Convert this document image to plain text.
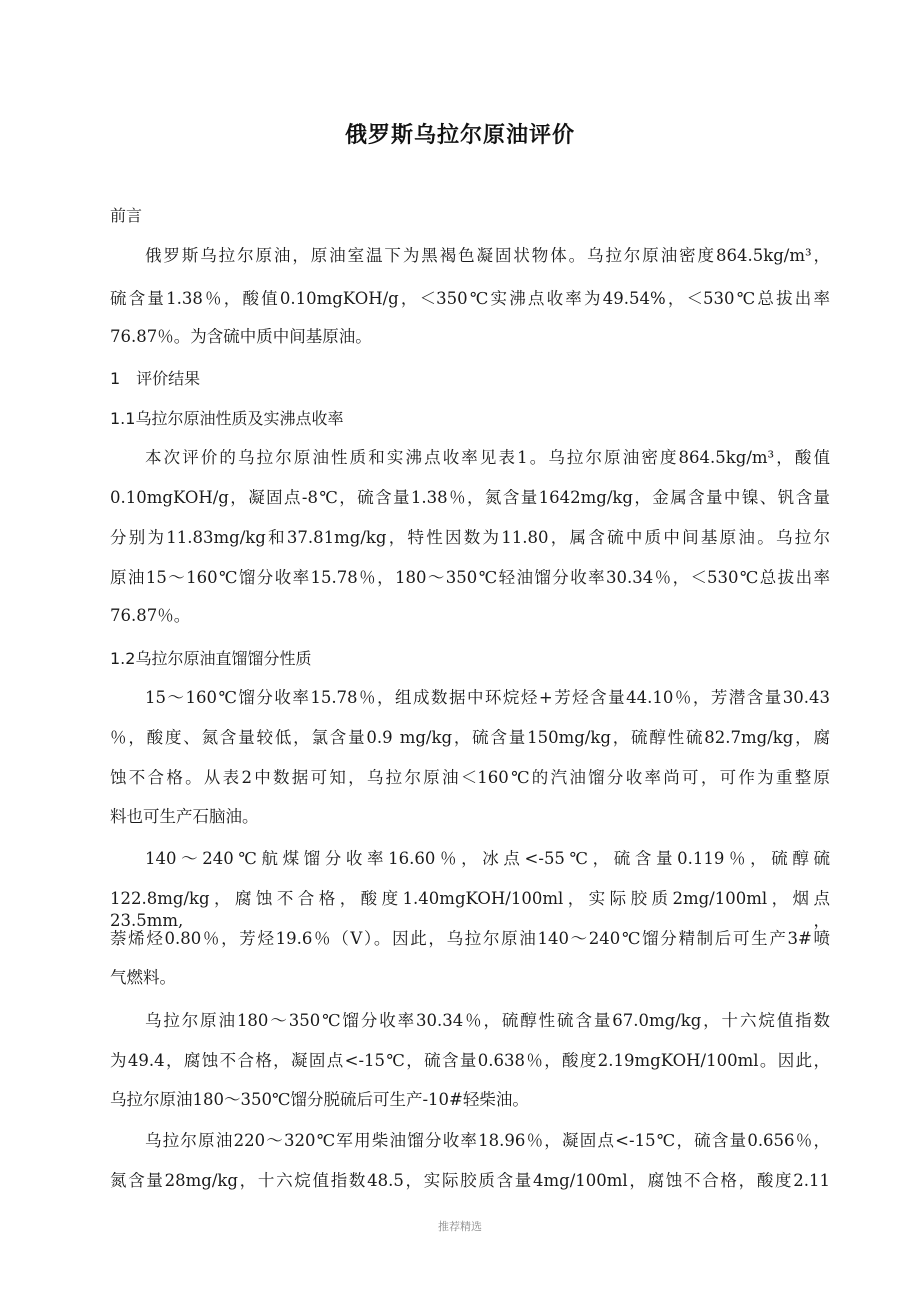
俄罗斯乌拉尔原油评价
前言
俄罗斯乌拉尔原油，原油室温下为黑褐色凝固状物体。乌拉尔原油密度864.5kg/m³，
硫含量1.38％，酸值0.10mgKOH/g，＜350℃实沸点收率为49.54%，＜530℃总拔出率
76.87％。为含硫中质中间基原油。
1　评价结果
1.1乌拉尔原油性质及实沸点收率
本次评价的乌拉尔原油性质和实沸点收率见表1。乌拉尔原油密度864.5kg/m³，酸值
0.10mgKOH/g，凝固点-8℃，硫含量1.38％，氮含量1642mg/kg，金属含量中镍、钒含量
分别为11.83mg/kg和37.81mg/kg，特性因数为11.80，属含硫中质中间基原油。乌拉尔
原油15～160℃馏分收率15.78％，180～350℃轻油馏分收率30.34％，＜530℃总拔出率
76.87％。
1.2乌拉尔原油直馏馏分性质
15～160℃馏分收率15.78％，组成数据中环烷烃+芳烃含量44.10％，芳潜含量30.43
％，酸度、氮含量较低，氯含量0.9 mg/kg，硫含量150mg/kg，硫醇性硫82.7mg/kg，腐
蚀不合格。从表2中数据可知，乌拉尔原油＜160℃的汽油馏分收率尚可，可作为重整原
料也可生产石脑油。
140～240℃航煤馏分收率16.60％，冰点<-55℃，硫含量0.119％，硫醇硫
122.8mg/kg，腐蚀不合格，酸度1.40mgKOH/100ml，实际胶质2mg/100ml，烟点23.5mm,，
萘烯烃0.80％，芳烃19.6％（V）。因此，乌拉尔原油140～240℃馏分精制后可生产3#喷
气燃料。
乌拉尔原油180～350℃馏分收率30.34％，硫醇性硫含量67.0mg/kg，十六烷值指数
为49.4，腐蚀不合格，凝固点<-15℃，硫含量0.638％，酸度2.19mgKOH/100ml。因此，
乌拉尔原油180～350℃馏分脱硫后可生产-10#轻柴油。
乌拉尔原油220～320℃军用柴油馏分收率18.96％，凝固点<-15℃，硫含量0.656％，
氮含量28mg/kg，十六烷值指数48.5，实际胶质含量4mg/100ml，腐蚀不合格，酸度2.11
推荐精选
